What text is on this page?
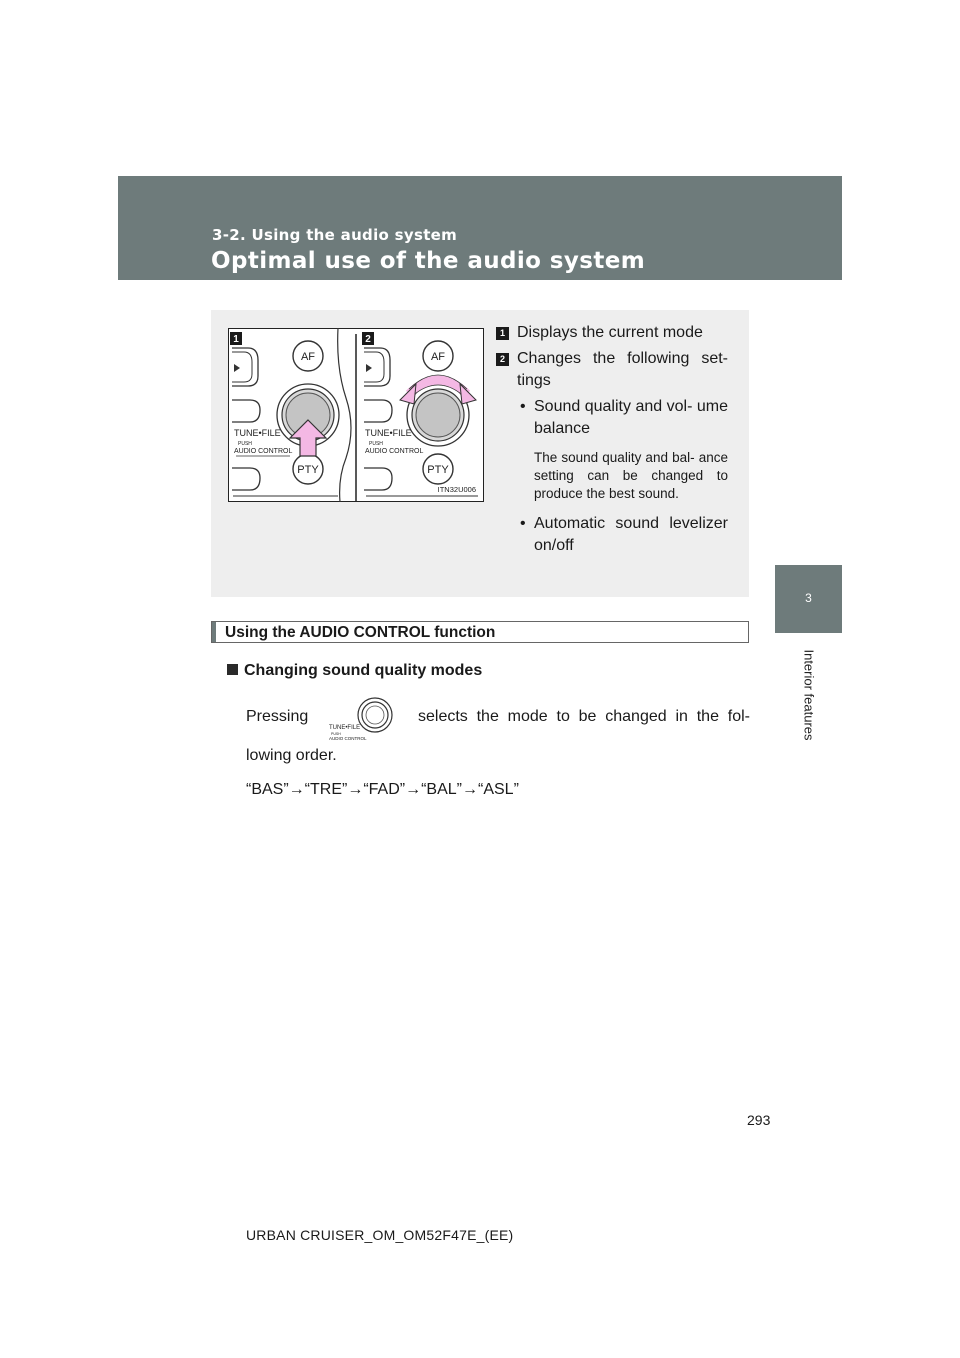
3-2. Using the audio system
Optimal use of the audio system
3
Interior features
1
AF
PTY
TUNE•FILE
PUSH
AUDIO CONTROL
2
AF
PTY
TUNE•FILE
PUSH
AUDIO CONTROL
ITN32U006
1 Displays the current mode
2 Changes the following set- tings
• Sound quality and vol- ume balance
The sound quality and bal- ance setting can be changed to produce the best sound.
• Automatic sound levelizer on/off
Using the AUDIO CONTROL function
Changing sound quality modes
Pressing	selects the mode to be changed in the fol-
TUNE•FILE
PUSH
AUDIO CONTROL
lowing order.
“BAS”→“TRE”→“FAD”→“BAL”→“ASL”
293
URBAN CRUISER_OM_OM52F47E_(EE)
